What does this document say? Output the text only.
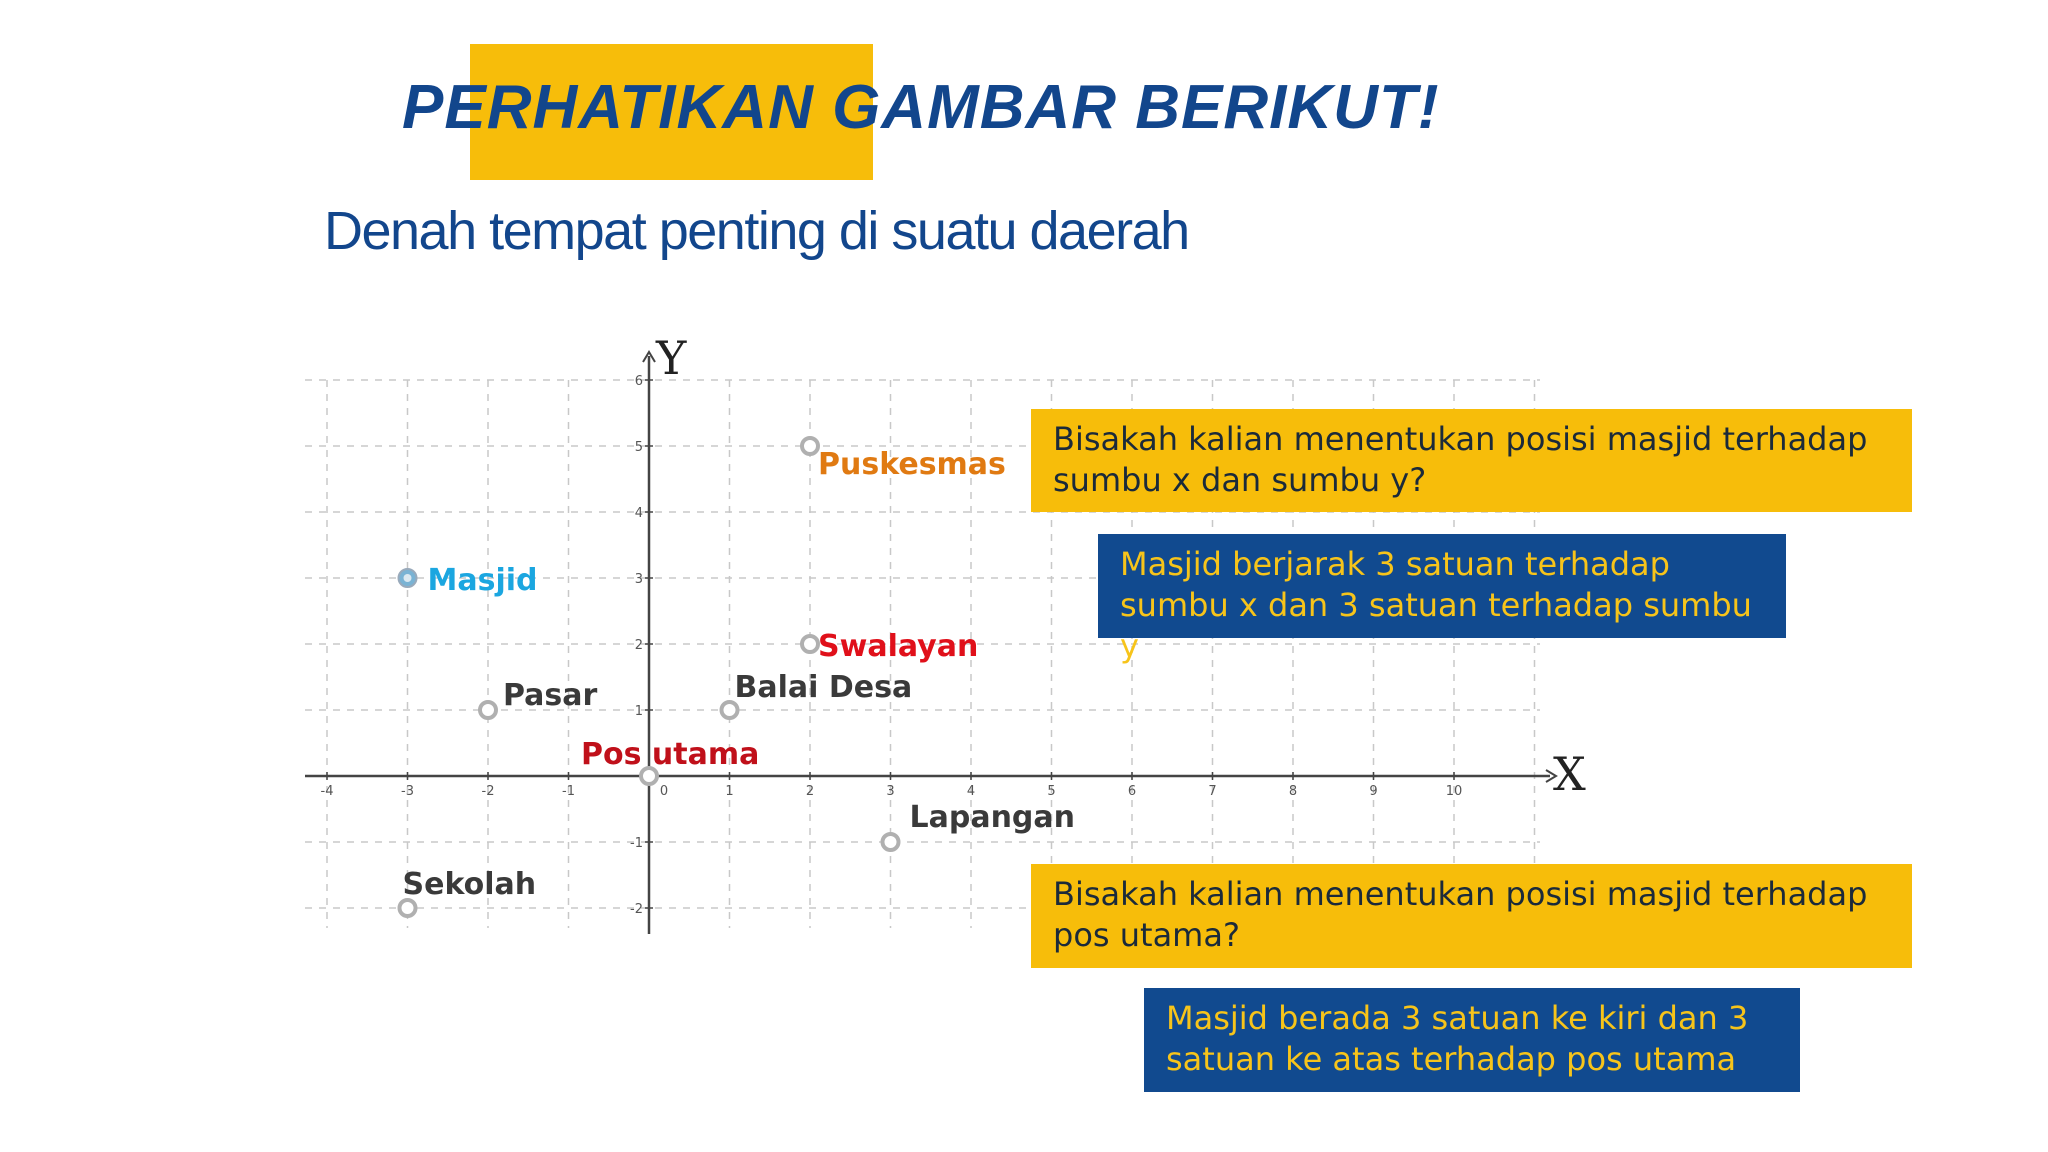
PERHATIKAN GAMBAR BERIKUT!
Denah tempat penting di suatu daerah
X
Y
-4	-3	-2	-1	0	1	2	3	4	5	6	7	8	9	10
6
5
4
3
2
1
-1
-2
Puskesmas
Masjid
Swalayan
Balai Desa
Pasar
Pos utama
Lapangan
Sekolah
Bisakah kalian menentukan posisi masjid terhadap sumbu x dan sumbu y?
Masjid berjarak 3 satuan terhadap sumbu x dan 3 satuan terhadap sumbu y
Bisakah kalian menentukan posisi masjid terhadap pos utama?
Masjid berada 3 satuan ke kiri dan 3 satuan ke atas terhadap pos utama
